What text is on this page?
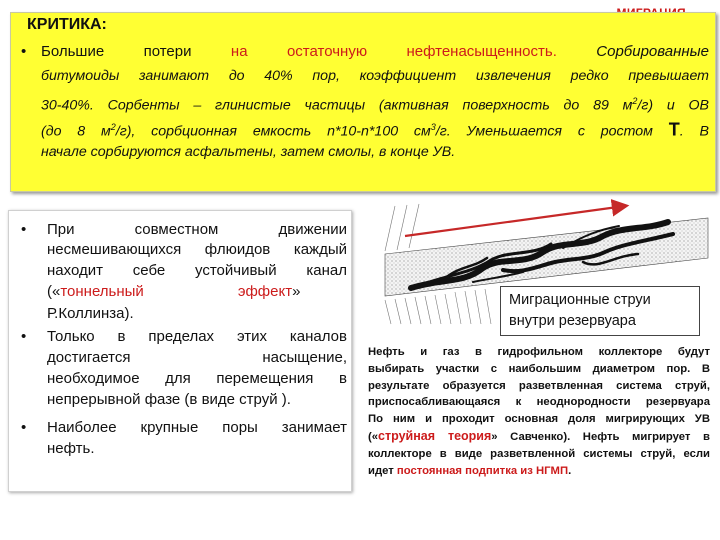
КРИТИКА:
• Большие потери на остаточную нефтенасыщенность. Сорбированные
битумоиды занимают до 40% пор, коэффициент извлечения редко превышает
30-40%. Сорбенты – глинистые частицы (активная поверхность до 89 $м^2/г$) и ОВ
(до 8 $м^2/г$), сорбционная емкость n*10-n*100 $см^3/г$. Уменьшается с ростом Т. В
начале сорбируются асфальтены, затем смолы, в конце УВ.
• При совместном движении
несмешивающихся флюидов каждый
находит себе устойчивый канал
(«тоннельный	эффект»
Р.Коллинза).
• Только в пределах этих каналов
достигается насыщение,
необходимое для перемещения в
непрерывной фазе (в виде струй ).
• Наиболее крупные поры занимает
нефть.
Миграционные струи
внутри резервуара
Нефть и газ в гидрофильном коллекторе будут
выбирать участки с наибольшим диаметром пор. В
результате образуется разветвленная система струй,
приспосабливающаяся к неоднородности резервуара
По ним и проходит основная доля мигрирующих УВ
(«струйная теория» Савченко). Нефть мигрирует в
коллекторе в виде разветвленной системы струй, если
идет постоянная подпитка из НГМП.
